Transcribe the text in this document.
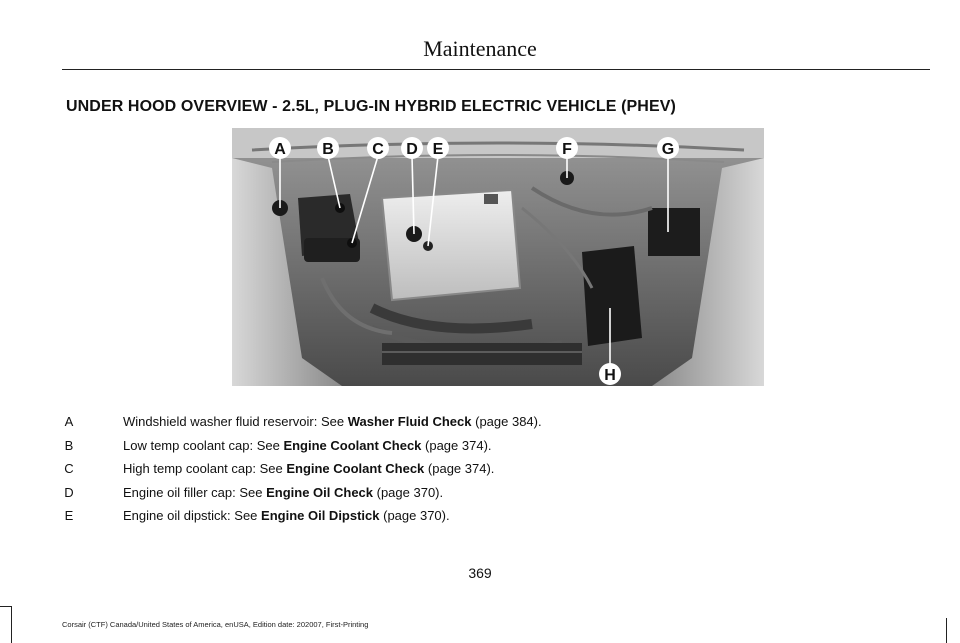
Maintenance
UNDER HOOD OVERVIEW - 2.5L, PLUG-IN HYBRID ELECTRIC VEHICLE (PHEV)
A B C D E	F	G
H
A	Windshield washer fluid reservoir: See Washer Fluid Check (page 384).
B	Low temp coolant cap: See Engine Coolant Check (page 374).
C	High temp coolant cap: See Engine Coolant Check (page 374).
D	Engine oil filler cap: See Engine Oil Check (page 370).
E	Engine oil dipstick: See Engine Oil Dipstick (page 370).
369
Corsair (CTF) Canada/United States of America, enUSA, Edition date: 202007, First-Printing
